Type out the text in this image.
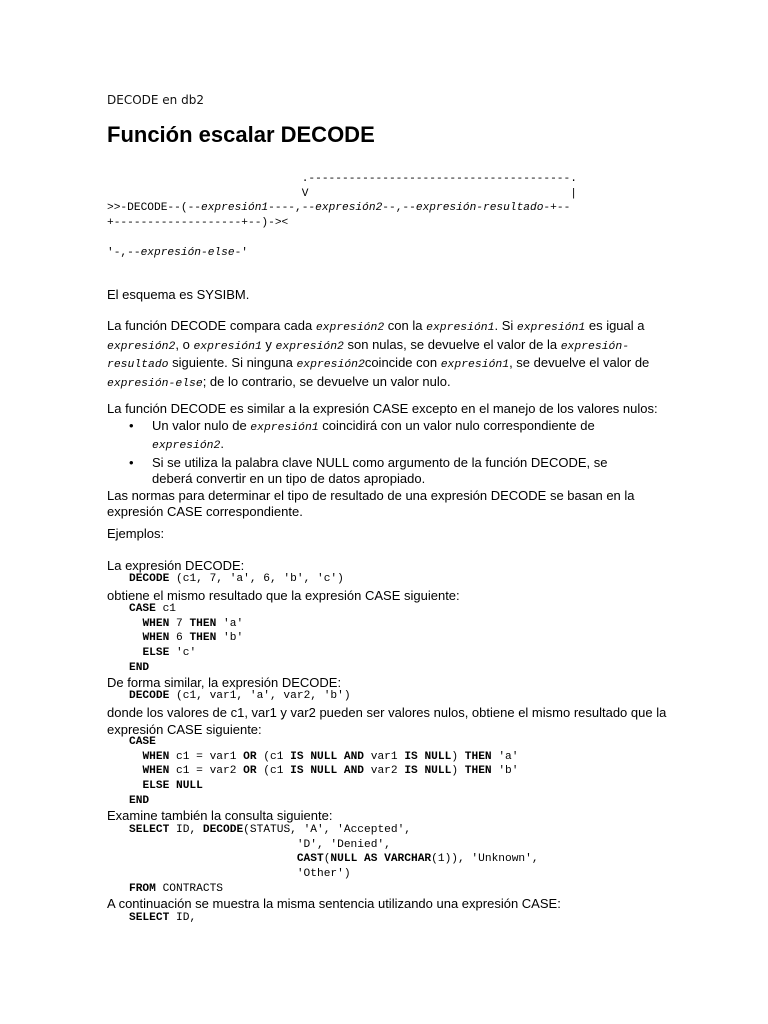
DECODE en db2
Función escalar DECODE
.---------------------------------------.
V                                       |
>>-DECODE--(--expresión1----,--expresión2--,--expresión-resultado-+--
+-------------------+--)-><

'-,--expresión-else-'
El esquema es SYSIBM.
La función DECODE compara cada expresión2 con la expresión1. Si expresión1 es igual a expresión2, o expresión1 y expresión2 son nulas, se devuelve el valor de la expresión-resultado siguiente. Si ninguna expresión2coincide con expresión1, se devuelve el valor de expresión-else; de lo contrario, se devuelve un valor nulo.
La función DECODE es similar a la expresión CASE excepto en el manejo de los valores nulos:
• Un valor nulo de expresión1 coincidirá con un valor nulo correspondiente de expresión2.
• Si se utiliza la palabra clave NULL como argumento de la función DECODE, se deberá convertir en un tipo de datos apropiado.
Las normas para determinar el tipo de resultado de una expresión DECODE se basan en la expresión CASE correspondiente.
Ejemplos:
La expresión DECODE:
DECODE (c1, 7, 'a', 6, 'b', 'c')
obtiene el mismo resultado que la expresión CASE siguiente:
CASE c1
WHEN 7 THEN 'a'
WHEN 6 THEN 'b'
ELSE 'c'
END
De forma similar, la expresión DECODE:
DECODE (c1, var1, 'a', var2, 'b')
donde los valores de c1, var1 y var2 pueden ser valores nulos, obtiene el mismo resultado que la expresión CASE siguiente:
CASE
WHEN c1 = var1 OR (c1 IS NULL AND var1 IS NULL) THEN 'a'
WHEN c1 = var2 OR (c1 IS NULL AND var2 IS NULL) THEN 'b'
ELSE NULL
END
Examine también la consulta siguiente:
SELECT ID, DECODE(STATUS, 'A', 'Accepted',
'D', 'Denied',
CAST(NULL AS VARCHAR(1)), 'Unknown',
'Other')
FROM CONTRACTS
A continuación se muestra la misma sentencia utilizando una expresión CASE:
SELECT ID,
